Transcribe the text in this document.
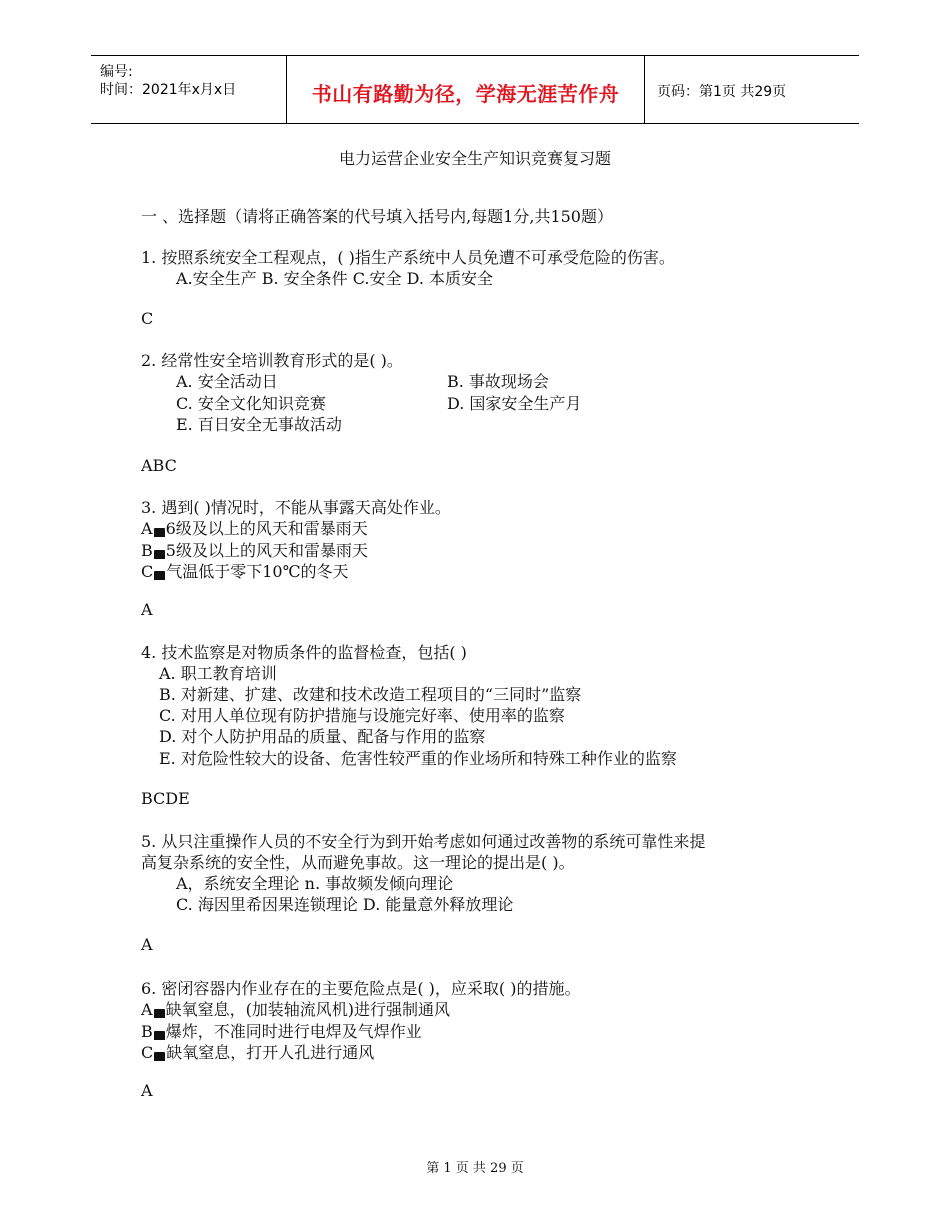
编号:
时间：2021年x月x日	书山有路勤为径，学海无涯苦作舟	页码：第1页 共29页
电力运营企业安全生产知识竞赛复习题
一 、选择题（请将正确答案的代号填入括号内,每题1分,共150题）
1. 按照系统安全工程观点，( )指生产系统中人员免遭不可承受危险的伤害。
A.安全生产 B. 安全条件 C.安全 D. 本质安全
C
2. 经常性安全培训教育形式的是( )。
A. 安全活动日	B. 事故现场会
C. 安全文化知识竞赛	D. 国家安全生产月
E. 百日安全无事故活动
ABC
3. 遇到( )情况时，不能从事露天高处作业。
A 6级及以上的风天和雷暴雨天
B 5级及以上的风天和雷暴雨天
C 气温低于零下10℃的冬天
A
4. 技术监察是对物质条件的监督检查，包括( )
A. 职工教育培训
B. 对新建、扩建、改建和技术改造工程项目的“三同时”监察
C. 对用人单位现有防护措施与设施完好率、使用率的监察
D. 对个人防护用品的质量、配备与作用的监察
E. 对危险性较大的设备、危害性较严重的作业场所和特殊工种作业的监察
BCDE
5. 从只注重操作人员的不安全行为到开始考虑如何通过改善物的系统可靠性来提
高复杂系统的安全性，从而避免事故。这一理论的提出是( )。
A，系统安全理论 n. 事故频发倾向理论
C. 海因里希因果连锁理论 D. 能量意外释放理论
A
6. 密闭容器内作业存在的主要危险点是( )，应采取( )的措施。
A 缺氧窒息，(加装轴流风机)进行强制通风
B 爆炸，不准同时进行电焊及气焊作业
C 缺氧窒息，打开人孔进行通风
A
第 1 页 共 29 页
